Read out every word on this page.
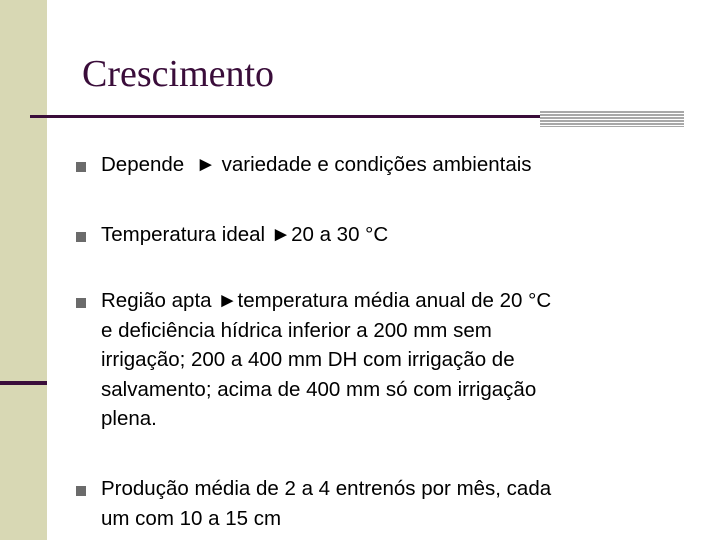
Crescimento
Depende  ► variedade e condições ambientais
Temperatura ideal ►20 a 30 °C
Região apta ►temperatura média anual de 20 °C
e deficiência hídrica inferior a 200 mm sem
irrigação; 200 a 400 mm DH com irrigação de
salvamento; acima de 400 mm só com irrigação
plena.
Produção média de 2 a 4 entrenós por mês, cada
um com 10 a 15 cm
